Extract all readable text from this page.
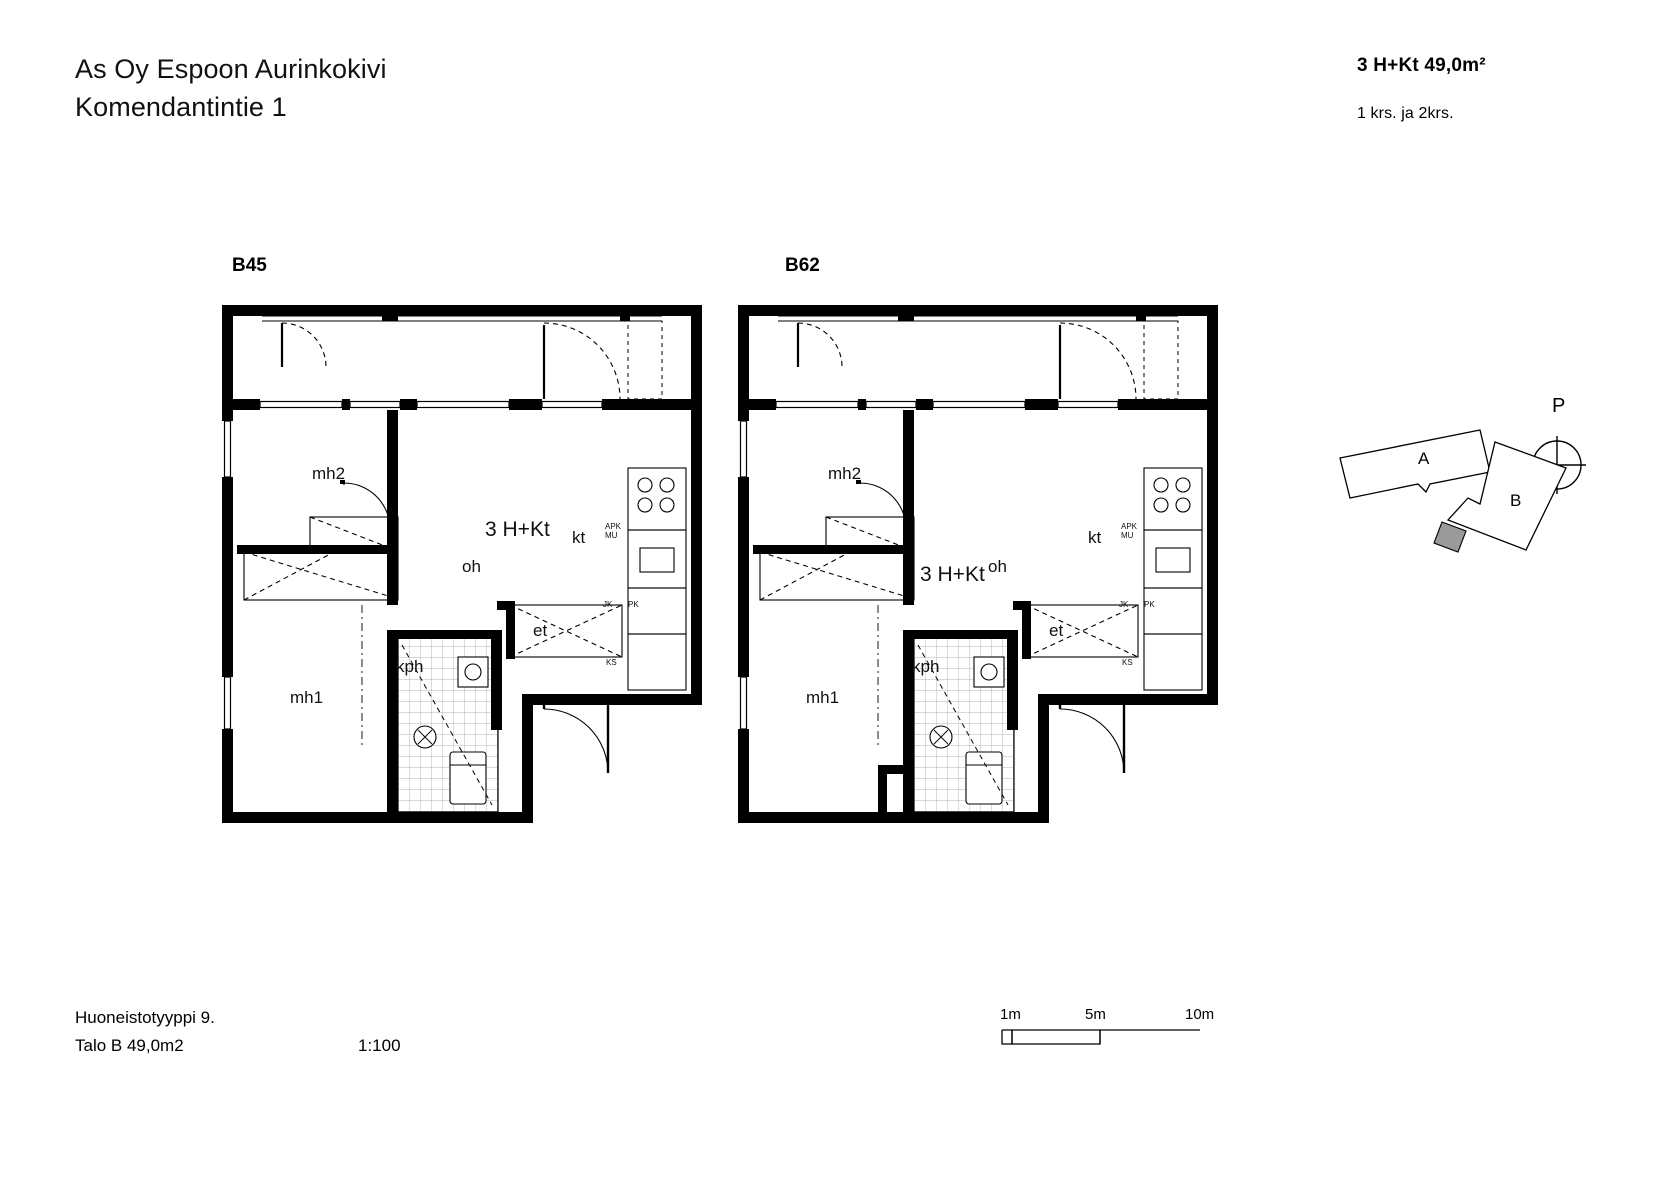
As Oy Espoon Aurinkokivi
Komendantintie 1
3 H+Kt 49,0m²
1 krs. ja 2krs.
B45	B62
mh2
mh1
oh
kt
et
kph
3 H+Kt	APK
MU
JK PK
KS
mh2
mh1
oh
kt
et
kph
3 H+Kt
APK
MU
JK PK
KS
P
A
B
Huoneistotyyppi 9.
Talo B 49,0m2	1:100
1m	5m	10m
